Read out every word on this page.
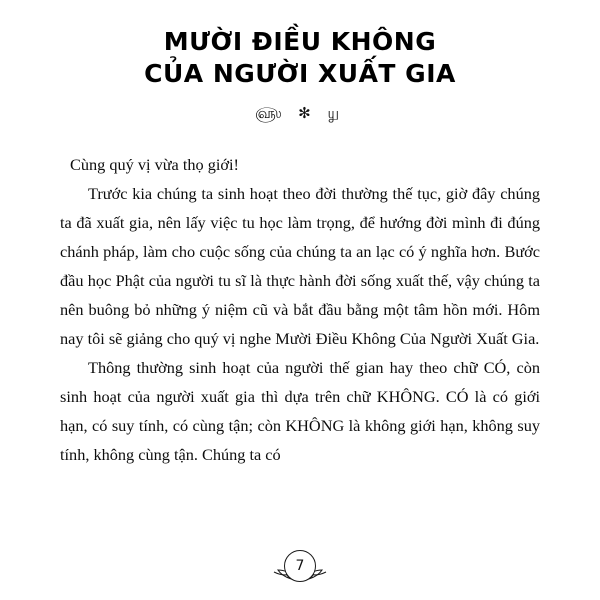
MƯỜI ĐIỀU KHÔNG
CỦA NGƯỜI XUẤT GIA
௵ ✻ ௶

Cùng quý vị vừa thọ giới!

Trước kia chúng ta sinh hoạt theo đời thường thế tục, giờ đây chúng ta đã xuất gia, nên lấy việc tu học làm trọng, để hướng đời mình đi đúng chánh pháp, làm cho cuộc sống của chúng ta an lạc có ý nghĩa hơn. Bước đầu học Phật của người tu sĩ là thực hành đời sống xuất thế, vậy chúng ta nên buông bỏ những ý niệm cũ và bắt đầu bằng một tâm hồn mới. Hôm nay tôi sẽ giảng cho quý vị nghe Mười Điều Không Của Người Xuất Gia.

Thông thường sinh hoạt của người thế gian hay theo chữ CÓ, còn sinh hoạt của người xuất gia thì dựa trên chữ KHÔNG. CÓ là có giới hạn, có suy tính, có cùng tận; còn KHÔNG là không giới hạn, không suy tính, không cùng tận. Chúng ta có

7
